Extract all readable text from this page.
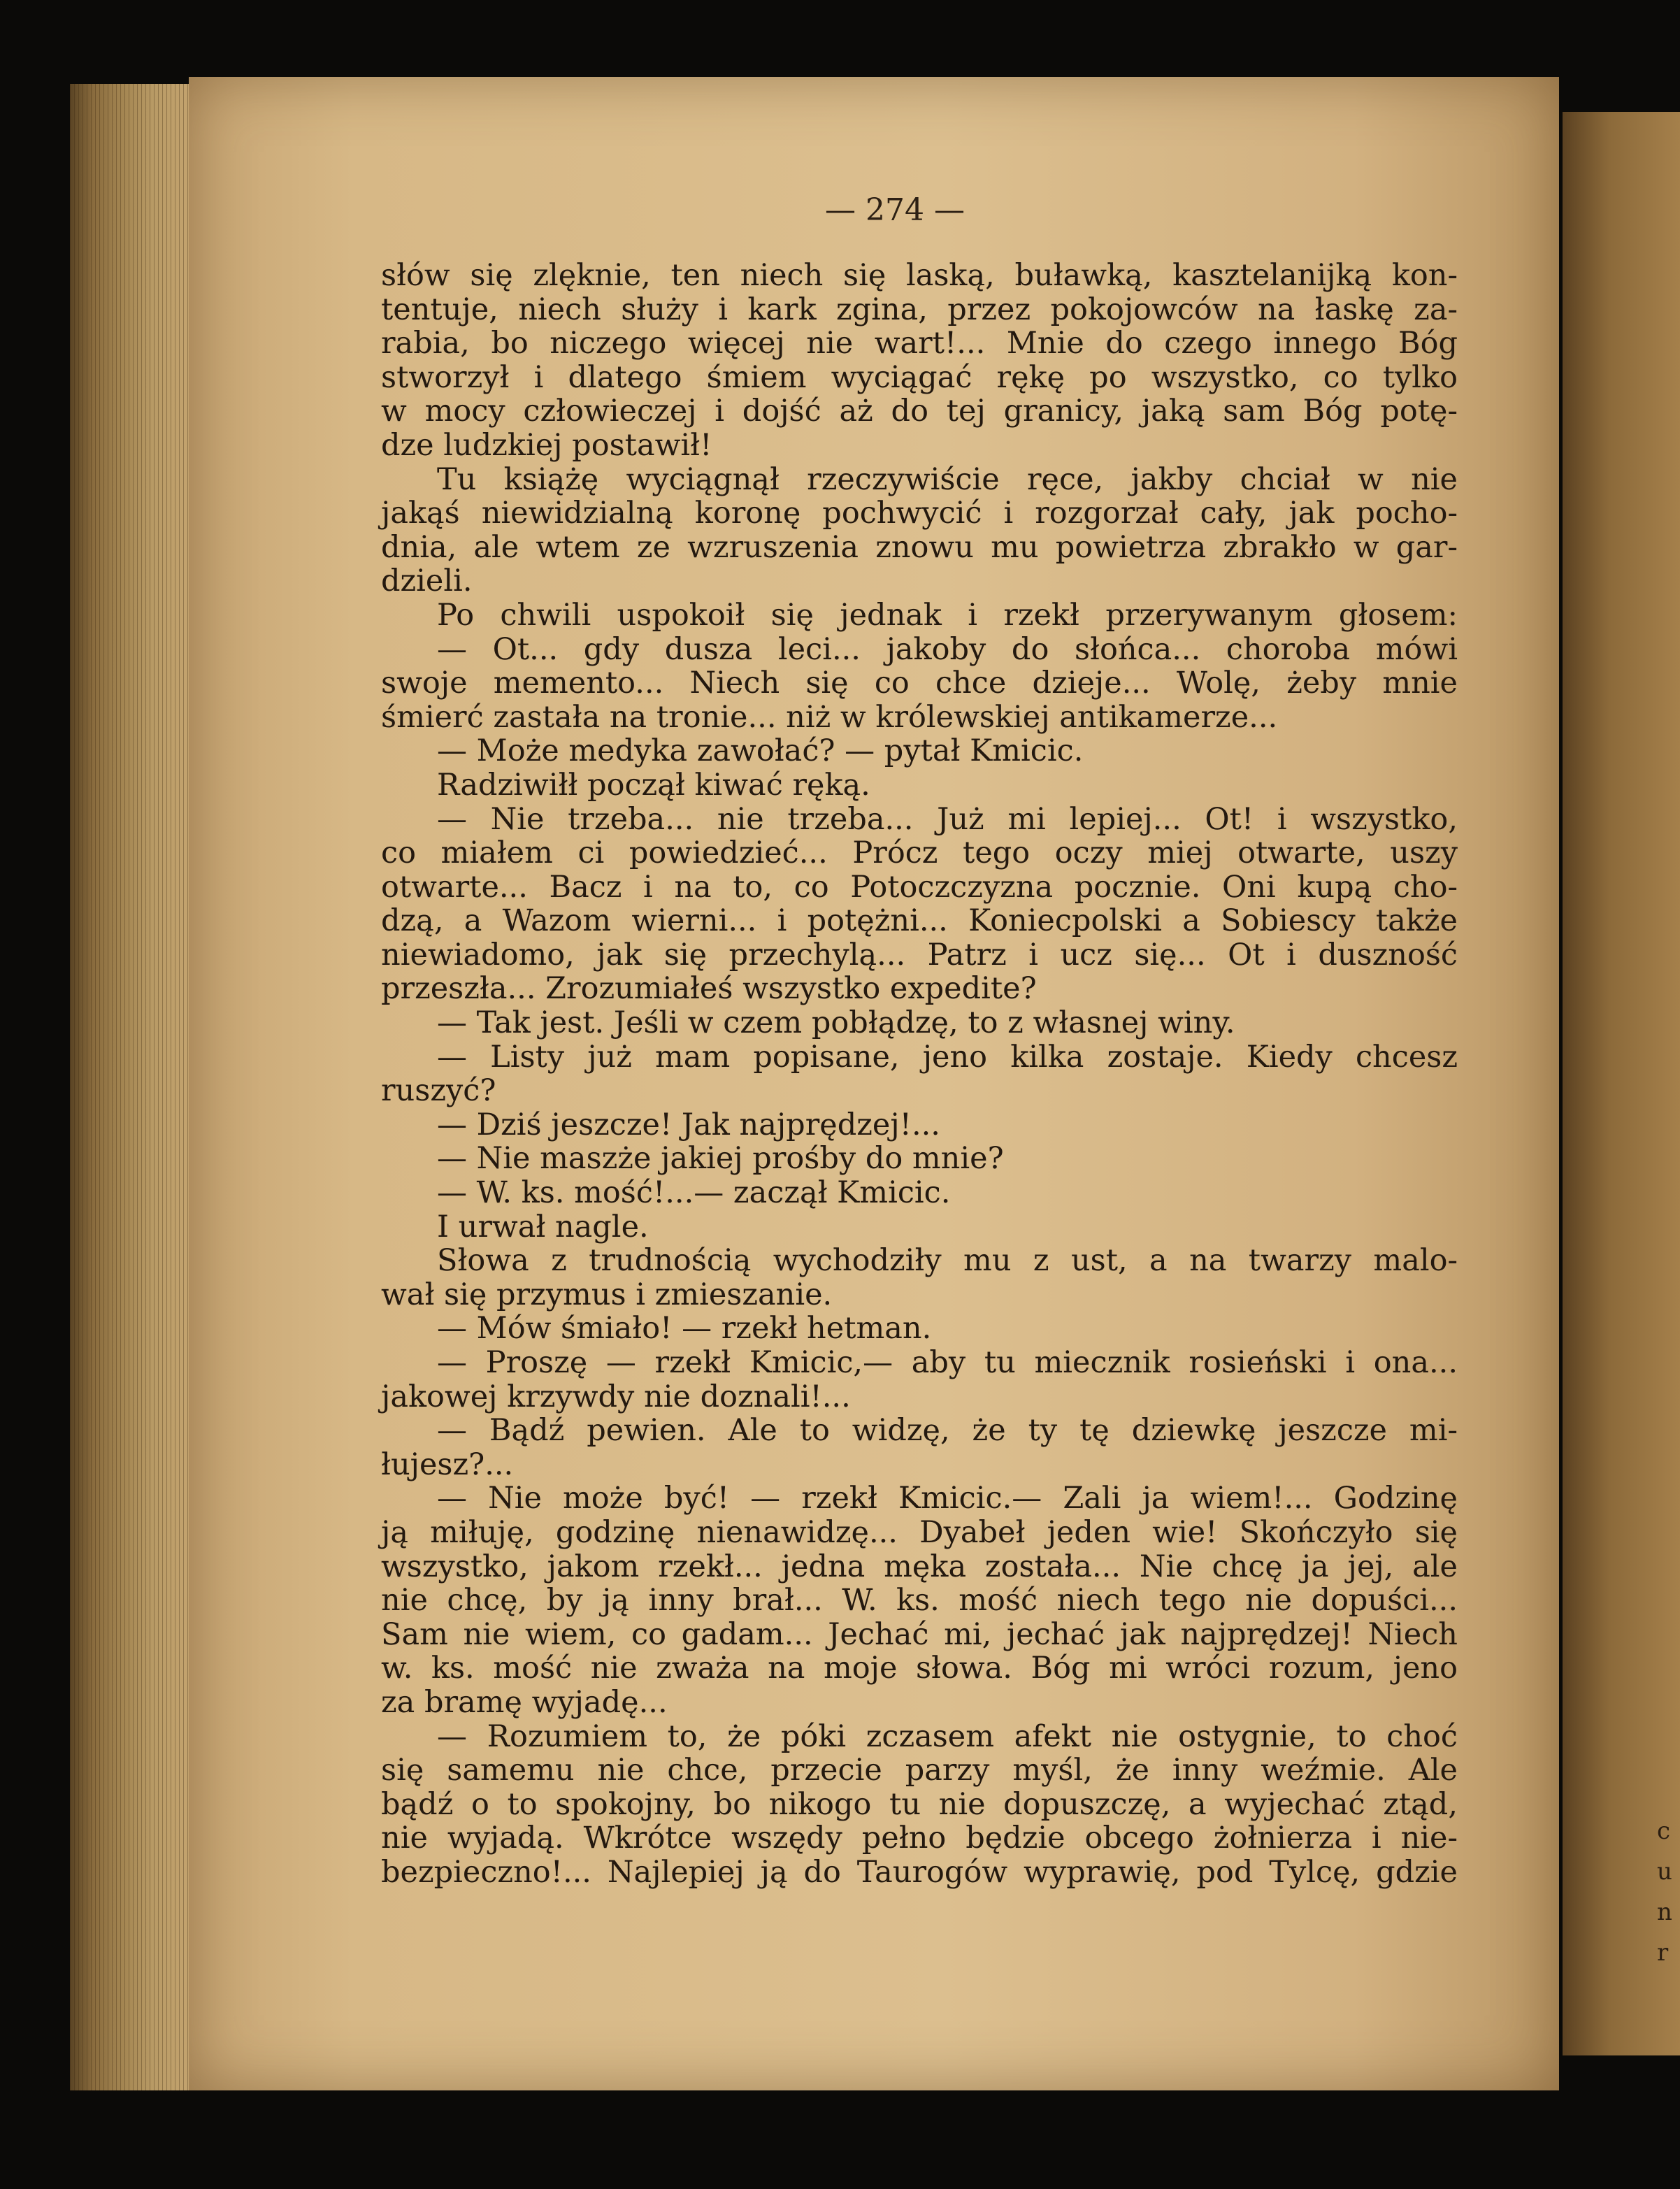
c
u
n
r
— 274 —
słów się zlęknie, ten niech się laską, buławką, kasztelanijką kon-
tentuje, niech służy i kark zgina, przez pokojowców na łaskę za-
rabia, bo niczego więcej nie wart!... Mnie do czego innego Bóg
stworzył i dlatego śmiem wyciągać rękę po wszystko, co tylko
w mocy człowieczej i dojść aż do tej granicy, jaką sam Bóg potę-
dze ludzkiej postawił!
Tu książę wyciągnął rzeczywiście ręce, jakby chciał w nie
jakąś niewidzialną koronę pochwycić i rozgorzał cały, jak pocho-
dnia, ale wtem ze wzruszenia znowu mu powietrza zbrakło w gar-
dzieli.
Po chwili uspokoił się jednak i rzekł przerywanym głosem:
— Ot... gdy dusza leci... jakoby do słońca... choroba mówi
swoje memento... Niech się co chce dzieje... Wolę, żeby mnie
śmierć zastała na tronie... niż w królewskiej antikamerze...
— Może medyka zawołać? — pytał Kmicic.
Radziwiłł począł kiwać ręką.
— Nie trzeba... nie trzeba... Już mi lepiej... Ot! i wszystko,
co miałem ci powiedzieć... Prócz tego oczy miej otwarte, uszy
otwarte... Bacz i na to, co Potoczczyzna pocznie. Oni kupą cho-
dzą, a Wazom wierni... i potężni... Koniecpolski a Sobiescy także
niewiadomo, jak się przechylą... Patrz i ucz się... Ot i duszność
przeszła... Zrozumiałeś wszystko expedite?
— Tak jest. Jeśli w czem pobłądzę, to z własnej winy.
— Listy już mam popisane, jeno kilka zostaje. Kiedy chcesz
ruszyć?
— Dziś jeszcze! Jak najprędzej!...
— Nie maszże jakiej prośby do mnie?
— W. ks. mość!...— zaczął Kmicic.
I urwał nagle.
Słowa z trudnością wychodziły mu z ust, a na twarzy malo-
wał się przymus i zmieszanie.
— Mów śmiało! — rzekł hetman.
— Proszę — rzekł Kmicic,— aby tu miecznik rosieński i ona...
jakowej krzywdy nie doznali!...
— Bądź pewien. Ale to widzę, że ty tę dziewkę jeszcze mi-
łujesz?...
— Nie może być! — rzekł Kmicic.— Zali ja wiem!... Godzinę
ją miłuję, godzinę nienawidzę... Dyabeł jeden wie! Skończyło się
wszystko, jakom rzekł... jedna męka została... Nie chcę ja jej, ale
nie chcę, by ją inny brał... W. ks. mość niech tego nie dopuści...
Sam nie wiem, co gadam... Jechać mi, jechać jak najprędzej! Niech
w. ks. mość nie zważa na moje słowa. Bóg mi wróci rozum, jeno
za bramę wyjadę...
— Rozumiem to, że póki zczasem afekt nie ostygnie, to choć
się samemu nie chce, przecie parzy myśl, że inny weźmie. Ale
bądź o to spokojny, bo nikogo tu nie dopuszczę, a wyjechać ztąd,
nie wyjadą. Wkrótce wszędy pełno będzie obcego żołnierza i nie-
bezpieczno!... Najlepiej ją do Taurogów wyprawię, pod Tylcę, gdzie
